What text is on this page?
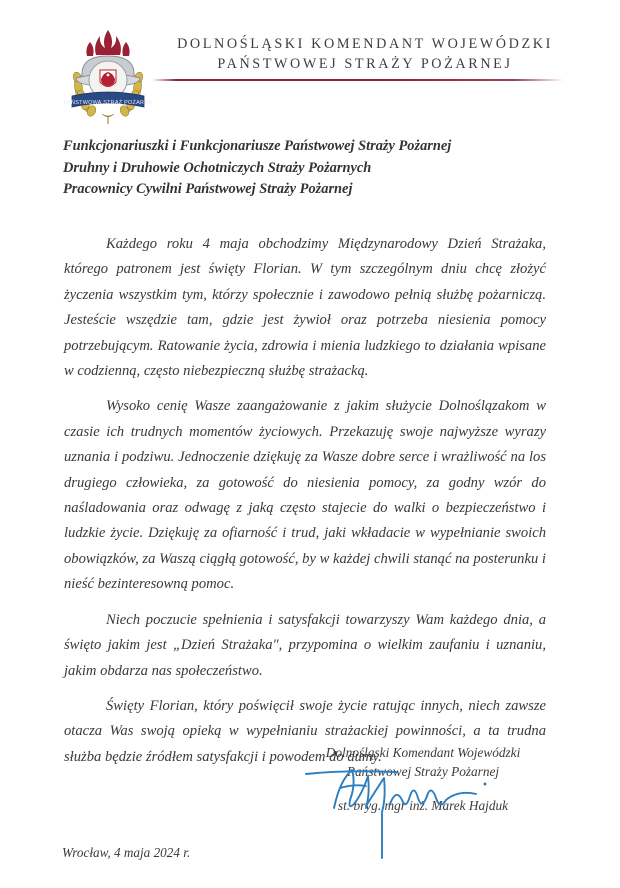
PAŃSTWOWA STRAŻ POŻARNA
DOLNOŚLĄSKI KOMENDANT WOJEWÓDZKI
PAŃSTWOWEJ STRAŻY POŻARNEJ
Funkcjonariuszki i Funkcjonariusze Państwowej Straży Pożarnej
Druhny i Druhowie Ochotniczych Straży Pożarnych
Pracownicy Cywilni Państwowej Straży Pożarnej

Każdego roku 4 maja obchodzimy Międzynarodowy Dzień Strażaka, którego patronem jest święty Florian. W tym szczególnym dniu chcę złożyć życzenia wszystkim tym, którzy społecznie i zawodowo pełnią służbę pożarniczą. Jesteście wszędzie tam, gdzie jest żywioł oraz potrzeba niesienia pomocy potrzebującym. Ratowanie życia, zdrowia i mienia ludzkiego to działania wpisane w codzienną, często niebezpieczną służbę strażacką.

Wysoko cenię Wasze zaangażowanie z jakim służycie Dolnoślązakom w czasie ich trudnych momentów życiowych. Przekazuję swoje najwyższe wyrazy uznania i podziwu. Jednoczenie dziękuję za Wasze dobre serce i wrażliwość na los drugiego człowieka, za gotowość do niesienia pomocy, za godny wzór do naśladowania oraz odwagę z jaką często stajecie do walki o bezpieczeństwo i ludzkie życie. Dziękuję za ofiarność i trud, jaki wkładacie w wypełnianie swoich obowiązków, za Waszą ciągłą gotowość, by w każdej chwili stanąć na posterunku i nieść bezinteresowną pomoc.

Niech poczucie spełnienia i satysfakcji towarzyszy Wam każdego dnia, a święto jakim jest „Dzień Strażaka", przypomina o wielkim zaufaniu i uznaniu, jakim obdarza nas społeczeństwo.

Święty Florian, który poświęcił swoje życie ratując innych, niech zawsze otacza Was swoją opieką w wypełnianiu strażackiej powinności, a ta trudna służba będzie źródłem satysfakcji i powodem do dumy.

Dolnośląski Komendant Wojewódzki
Państwowej Straży Pożarnej
st. bryg. mgr inż. Marek Hajduk
Wrocław, 4 maja 2024 r.
